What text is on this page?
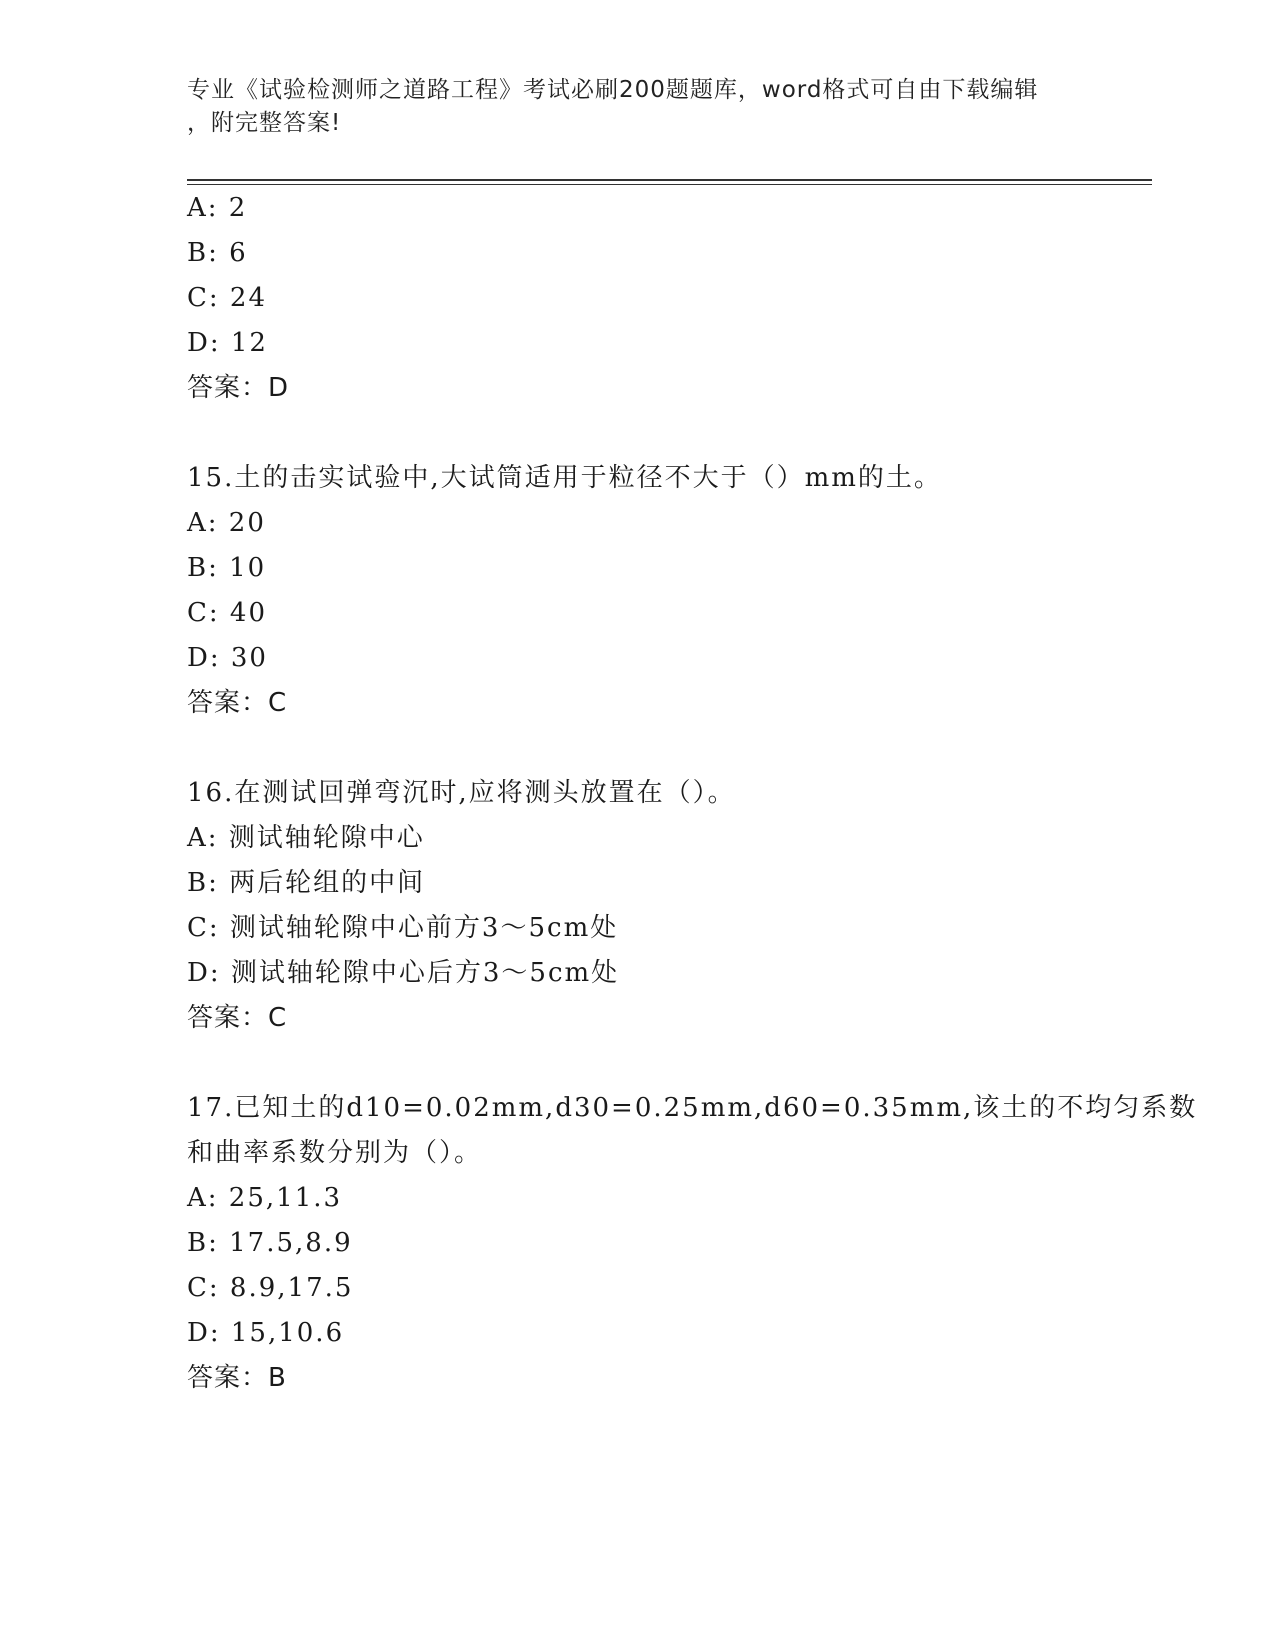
专业《试验检测师之道路工程》考试必刷200题题库，word格式可自由下载编辑
，附完整答案!
A: 2
B: 6
C: 24
D: 12
答案：D
15.土的击实试验中,大试筒适用于粒径不大于（）mm的土。
A: 20
B: 10
C: 40
D: 30
答案：C
16.在测试回弹弯沉时,应将测头放置在（）。
A: 测试轴轮隙中心
B: 两后轮组的中间
C: 测试轴轮隙中心前方3～5cm处
D: 测试轴轮隙中心后方3～5cm处
答案：C
17.已知土的d10=0.02mm,d30=0.25mm,d60=0.35mm,该土的不均匀系数
和曲率系数分别为（）。
A: 25,11.3
B: 17.5,8.9
C: 8.9,17.5
D: 15,10.6
答案：B
